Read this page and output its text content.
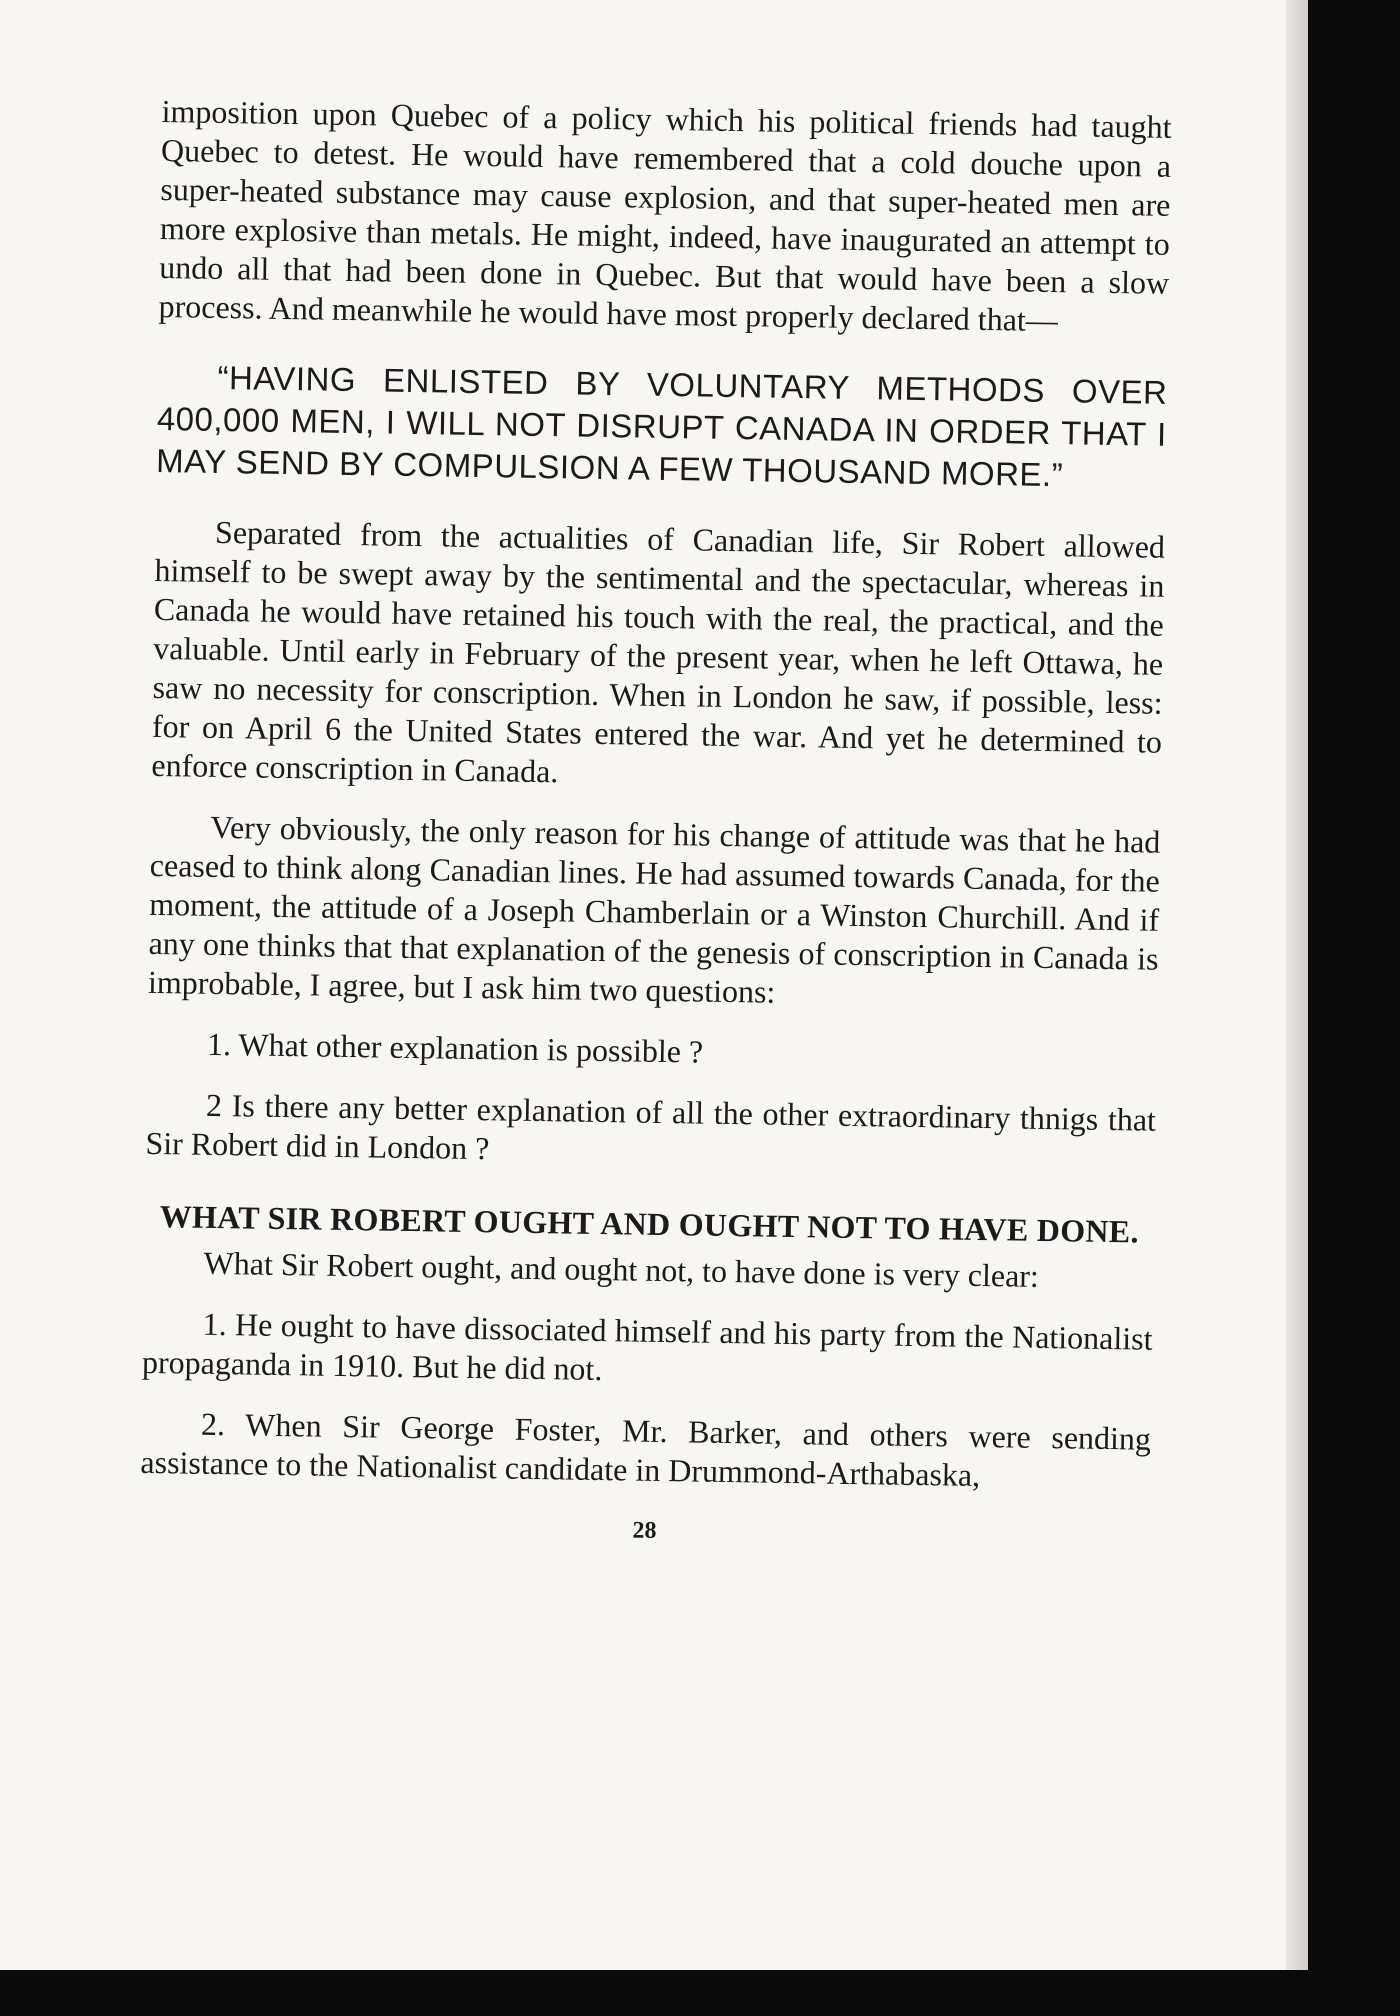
imposition upon Quebec of a policy which his political friends had taught Quebec to detest. He would have remembered that a cold douche upon a super-heated substance may cause explosion, and that super-heated men are more explosive than metals. He might, indeed, have inaugurated an attempt to undo all that had been done in Quebec. But that would have been a slow process. And meanwhile he would have most properly declared that—

“HAVING ENLISTED BY VOLUNTARY METHODS OVER 400,000 MEN, I WILL NOT DISRUPT CANADA IN ORDER THAT I MAY SEND BY COMPULSION A FEW THOUSAND MORE.”

Separated from the actualities of Canadian life, Sir Robert allowed himself to be swept away by the sentimental and the spectacular, whereas in Canada he would have retained his touch with the real, the practical, and the valuable. Until early in February of the present year, when he left Ottawa, he saw no necessity for conscription. When in London he saw, if possible, less: for on April 6 the United States entered the war. And yet he determined to enforce conscription in Canada.

Very obviously, the only reason for his change of attitude was that he had ceased to think along Canadian lines. He had assumed towards Canada, for the moment, the attitude of a Joseph Chamberlain or a Winston Churchill. And if any one thinks that that explanation of the genesis of conscription in Canada is improbable, I agree, but I ask him two questions:

1. What other explanation is possible ?

2 Is there any better explanation of all the other extraordinary thnigs that Sir Robert did in London ?

WHAT SIR ROBERT OUGHT AND OUGHT NOT TO HAVE DONE.

What Sir Robert ought, and ought not, to have done is very clear:

1. He ought to have dissociated himself and his party from the Nationalist propaganda in 1910. But he did not.

2. When Sir George Foster, Mr. Barker, and others were sending assistance to the Nationalist candidate in Drummond-Arthabaska,

28
